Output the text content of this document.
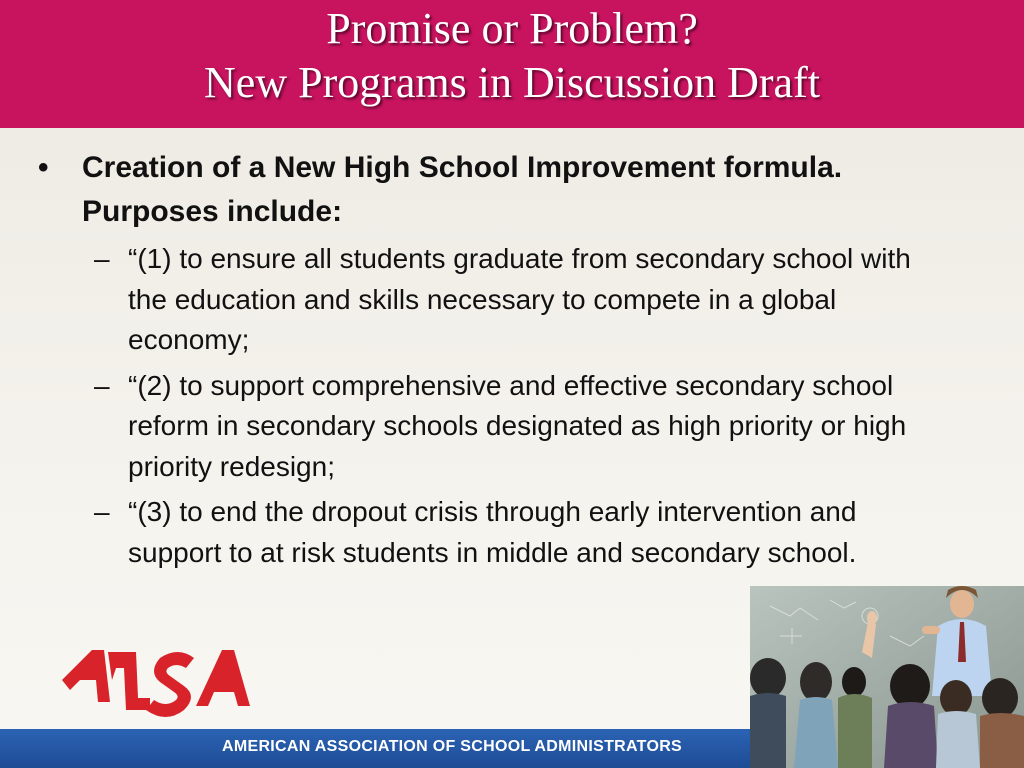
Promise or Problem?
New Programs in Discussion Draft
•	Creation of a New High School Improvement formula. Purposes include:
– “(1) to ensure all students graduate from secondary school with the education and skills necessary to compete in a global economy;
– “(2) to support comprehensive and effective secondary school reform in secondary schools designated as high priority or high priority redesign;
– “(3) to end the dropout crisis through early intervention and support to at risk students in middle and secondary school.
AMERICAN ASSOCIATION OF SCHOOL ADMINISTRATORS
